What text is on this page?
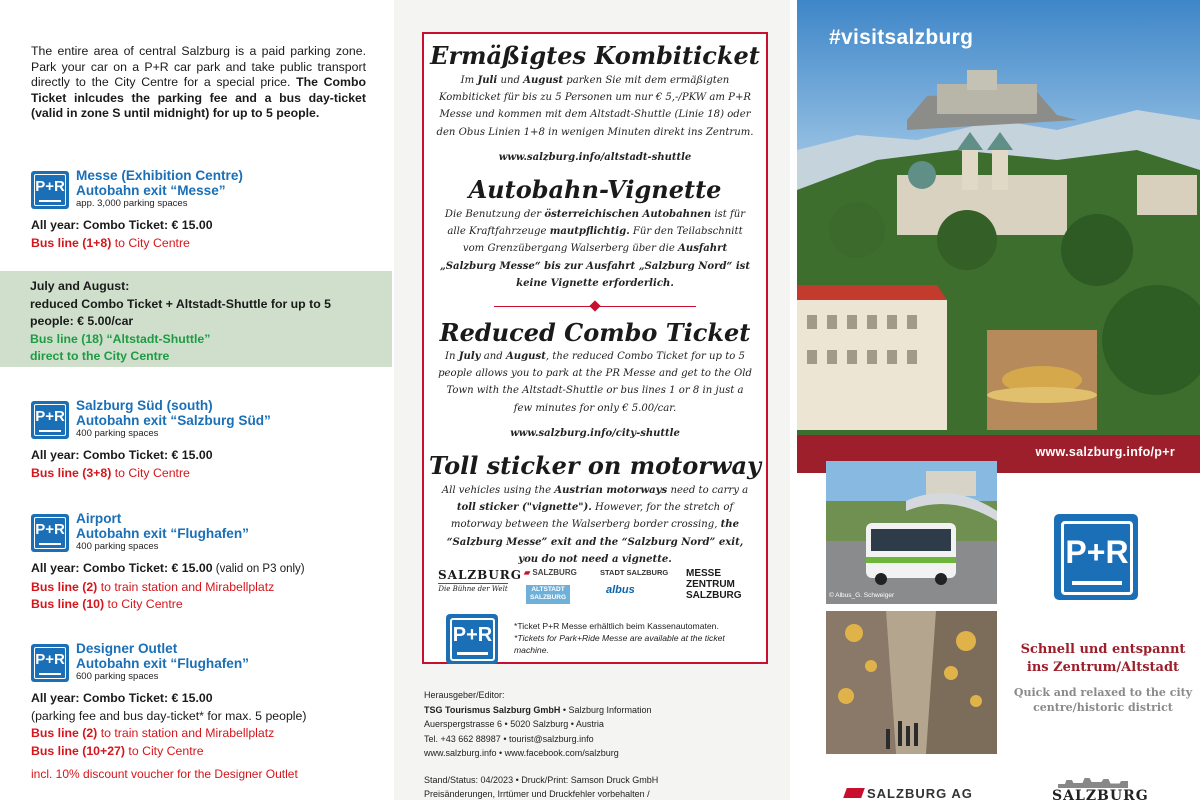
The entire area of central Salzburg is a paid parking zone. Park your car on a P+R car park and take public transport directly to the City Centre for a special price. The Combo Ticket inlcudes the parking fee and a bus day-ticket (valid in zone S until midnight) for up to 5 people.
P+R
Messe (Exhibition Centre)
Autobahn exit “Messe”
app. 3,000 parking spaces
All year: Combo Ticket: € 15.00
Bus line (1+8) to City Centre
July and August:
reduced Combo Ticket + Altstadt-Shuttle for up to 5 people: € 5.00/car
Bus line (18) “Altstadt-Shuttle”
direct to the City Centre
P+R
Salzburg Süd (south)
Autobahn exit “Salzburg Süd”
400 parking spaces
All year: Combo Ticket: € 15.00
Bus line (3+8) to City Centre
P+R
Airport
Autobahn exit “Flughafen”
400 parking spaces
All year: Combo Ticket: € 15.00 (valid on P3 only)
Bus line (2) to train station and Mirabellplatz
Bus line (10) to City Centre
P+R
Designer Outlet
Autobahn exit “Flughafen”
600 parking spaces
All year: Combo Ticket: € 15.00
(parking fee and bus day-ticket* for max. 5 people)
Bus line (2) to train station and Mirabellplatz
Bus line (10+27) to City Centre
incl. 10% discount voucher for the Designer Outlet
Ermäßigtes Kombiticket
Im Juli und August parken Sie mit dem ermäßigten Kombiticket für bis zu 5 Personen um nur € 5,-/PKW am P+R Messe und kommen mit dem Altstadt-Shuttle (Linie 18) oder den Obus Linien 1+8 in wenigen Minuten direkt ins Zentrum.
www.salzburg.info/altstadt-shuttle
Autobahn-Vignette
Die Benutzung der österreichischen Autobahnen ist für alle Kraftfahrzeuge mautpflichtig. Für den Teilabschnitt vom Grenzübergang Walserberg über die Ausfahrt „Salzburg Messe“ bis zur Ausfahrt „Salzburg Nord“ ist keine Vignette erforderlich.
Reduced Combo Ticket
In July and August, the reduced Combo Ticket for up to 5 people allows you to park at the PR Messe and get to the Old Town with the Altstadt-Shuttle or bus lines 1 or 8 in just a few minutes for only € 5.00/car.
www.salzburg.info/city-shuttle
Toll sticker on motorway
All vehicles using the Austrian motorways need to carry a toll sticker ("vignette"). However, for the stretch of motorway between the Walserberg border crossing, the “Salzburg Messe” exit and the “Salzburg Nord” exit, you do not need a vignette.
SALZBURG
Die Bühne der Welt
▰ SALZBURG
ALTSTADT SALZBURG
STADT SALZBURG
albus
MESSE ZENTRUM SALZBURG
P+R	*Ticket P+R Messe erhältlich beim Kassenautomaten.
*Tickets for Park+Ride Messe are available at the ticket machine.
Herausgeber/Editor:
TSG Tourismus Salzburg GmbH • Salzburg Information
Auerspergstrasse 6 • 5020 Salzburg • Austria
Tel. +43 662 88987 • tourist@salzburg.info
www.salzburg.info • www.facebook.com/salzburg
Stand/Status: 04/2023 • Druck/Print: Samson Druck GmbH
Preisänderungen, Irrtümer und Druckfehler vorbehalten /
#visitsalzburg
www.salzburg.info/p+r
© Albus_G. Schweiger
P+R
Schnell und entspannt ins Zentrum/Altstadt
Quick and relaxed to the city centre/historic district
SALZBURG AG	SALZBURG
